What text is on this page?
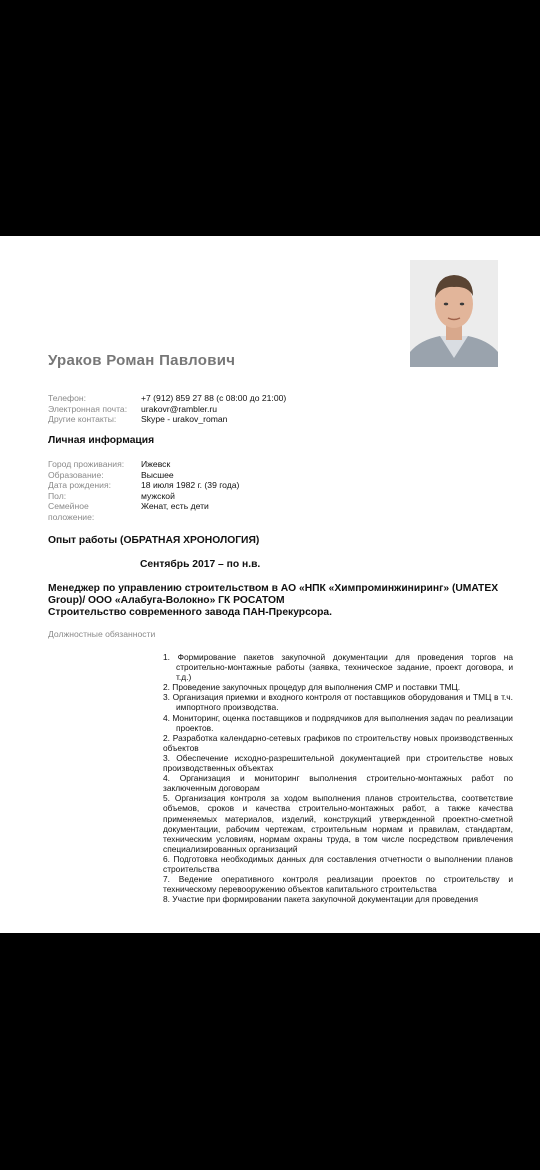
Ураков Роман Павлович
Телефон:	+7 (912) 859 27 88 (с 08:00 до 21:00)
Электронная почта: urakovr@rambler.ru
Другие контакты:	Skype - urakov_roman
Личная информация
Город проживания: Ижевск
Образование:	Высшее
Дата рождения:	18 июля 1982 г. (39 года)
Пол:	мужской
Семейное
положение:
Женат, есть дети
Опыт работы (ОБРАТНАЯ ХРОНОЛОГИЯ)
Сентябрь 2017 – по н.в.
Менеджер по управлению строительством в АО «НПК «Химпроминжиниринг» (UMATEX
Group)/ ООО «Алабуга-Волокно» ГК РОСАТОМ
Строительство современного завода ПАН-Прекурсора.
Должностные обязанности
1. Формирование пакетов закупочной документации для проведения торгов на строительно-монтажные работы (заявка, техническое задание, проект договора, и т.д.)
2. Проведение закупочных процедур для выполнения СМР и поставки ТМЦ.
3. Организация приемки и входного контроля от поставщиков оборудования и ТМЦ в т.ч. импортного производства.
4. Мониторинг, оценка поставщиков и подрядчиков для выполнения задач по реализации проектов.
2. Разработка календарно-сетевых графиков по строительству новых производственных объектов
3. Обеспечение исходно-разрешительной документацией при строительстве новых производственных объектах
4. Организация и мониторинг выполнения строительно-монтажных работ по заключенным договорам
5. Организация контроля за ходом выполнения планов строительства, соответствие объемов, сроков и качества строительно-монтажных работ, а также качества применяемых материалов, изделий, конструкций утвержденной проектно-сметной документации, рабочим чертежам, строительным нормам и правилам, стандартам, техническим условиям, нормам охраны труда, в том числе посредством привлечения специализированных организаций
6. Подготовка необходимых данных для составления отчетности о выполнении планов строительства
7. Ведение оперативного контроля реализации проектов по строительству и техническому перевооружению объектов капитального строительства
8. Участие при формировании пакета закупочной документации для проведения
